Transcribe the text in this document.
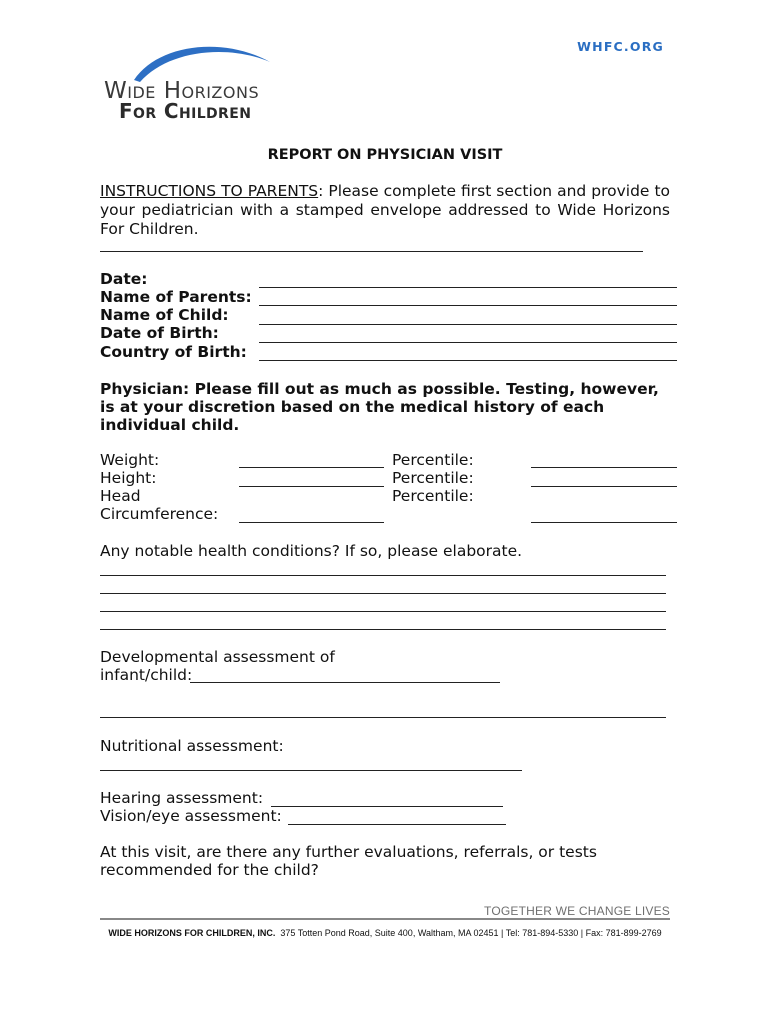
WHFC.ORG
Wide Horizons
For Children
REPORT ON PHYSICIAN VISIT
INSTRUCTIONS TO PARENTS: Please complete first section and provide to your pediatrician with a stamped envelope addressed to Wide Horizons For Children.
Date:
Name of Parents:
Name of Child:
Date of Birth:
Country of Birth:
Physician: Please fill out as much as possible. Testing, however, is at your discretion based on the medical history of each individual child.
Weight:
Height:
Head
Circumference:
Percentile:
Percentile:
Percentile:
Any notable health conditions? If so, please elaborate.
Developmental assessment of
infant/child:
Nutritional assessment:
Hearing assessment:
Vision/eye assessment:
At this visit, are there any further evaluations, referrals, or tests
recommended for the child?
TOGETHER WE CHANGE LIVES
WIDE HORIZONS FOR CHILDREN, INC. 375 Totten Pond Road, Suite 400, Waltham, MA 02451 | Tel: 781-894-5330 | Fax: 781-899-2769
